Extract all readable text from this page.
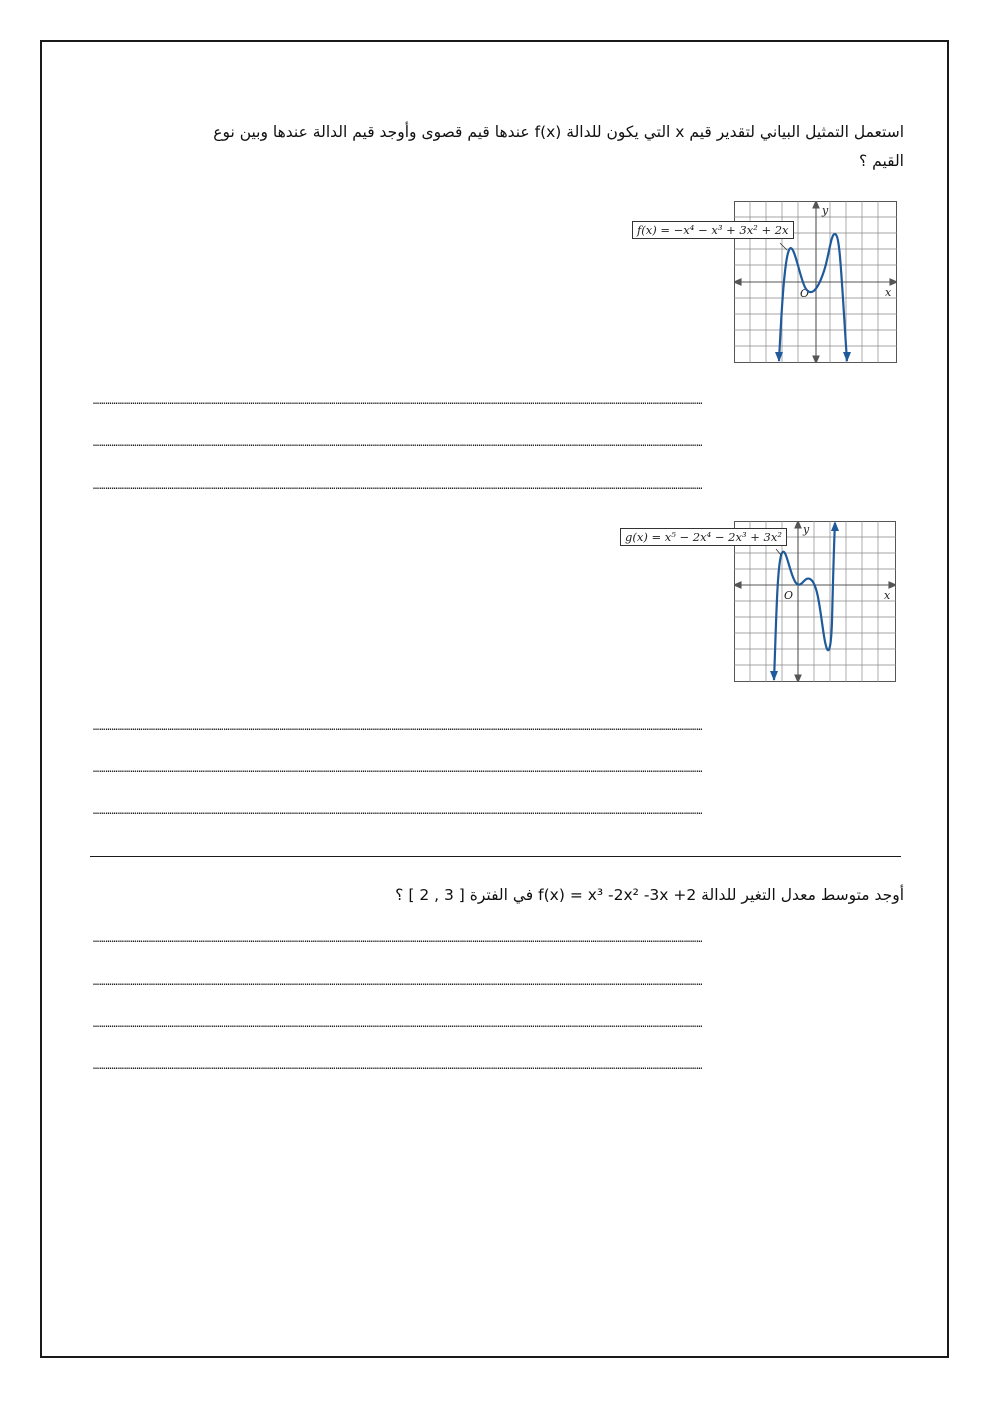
استعمل التمثيل البياني لتقدير قيم x التي يكون للدالة f(x) عندها قيم قصوى وأوجد قيم الدالة عندها وبين نوع
القيم ؟
y
x
O
f(x) = −x⁴ − x³ + 3x² + 2x
……………………………………………………………………………………………………………………………………………………………………………………………………………………………………………………………………
……………………………………………………………………………………………………………………………………………………………………………………………………………………………………………………………………
……………………………………………………………………………………………………………………………………………………………………………………………………………………………………………………………………
y
x
O
g(x) = x⁵ − 2x⁴ − 2x³ + 3x²
……………………………………………………………………………………………………………………………………………………………………………………………………………………………………………………………………
……………………………………………………………………………………………………………………………………………………………………………………………………………………………………………………………………
……………………………………………………………………………………………………………………………………………………………………………………………………………………………………………………………………
أوجد متوسط معدل التغير للدالة f(x) = x³ -2x² -3x +2 في الفترة [ 3 , 2 ] ؟
……………………………………………………………………………………………………………………………………………………………………………………………………………………………………………………………………
……………………………………………………………………………………………………………………………………………………………………………………………………………………………………………………………………
……………………………………………………………………………………………………………………………………………………………………………………………………………………………………………………………………
……………………………………………………………………………………………………………………………………………………………………………………………………………………………………………………………………
